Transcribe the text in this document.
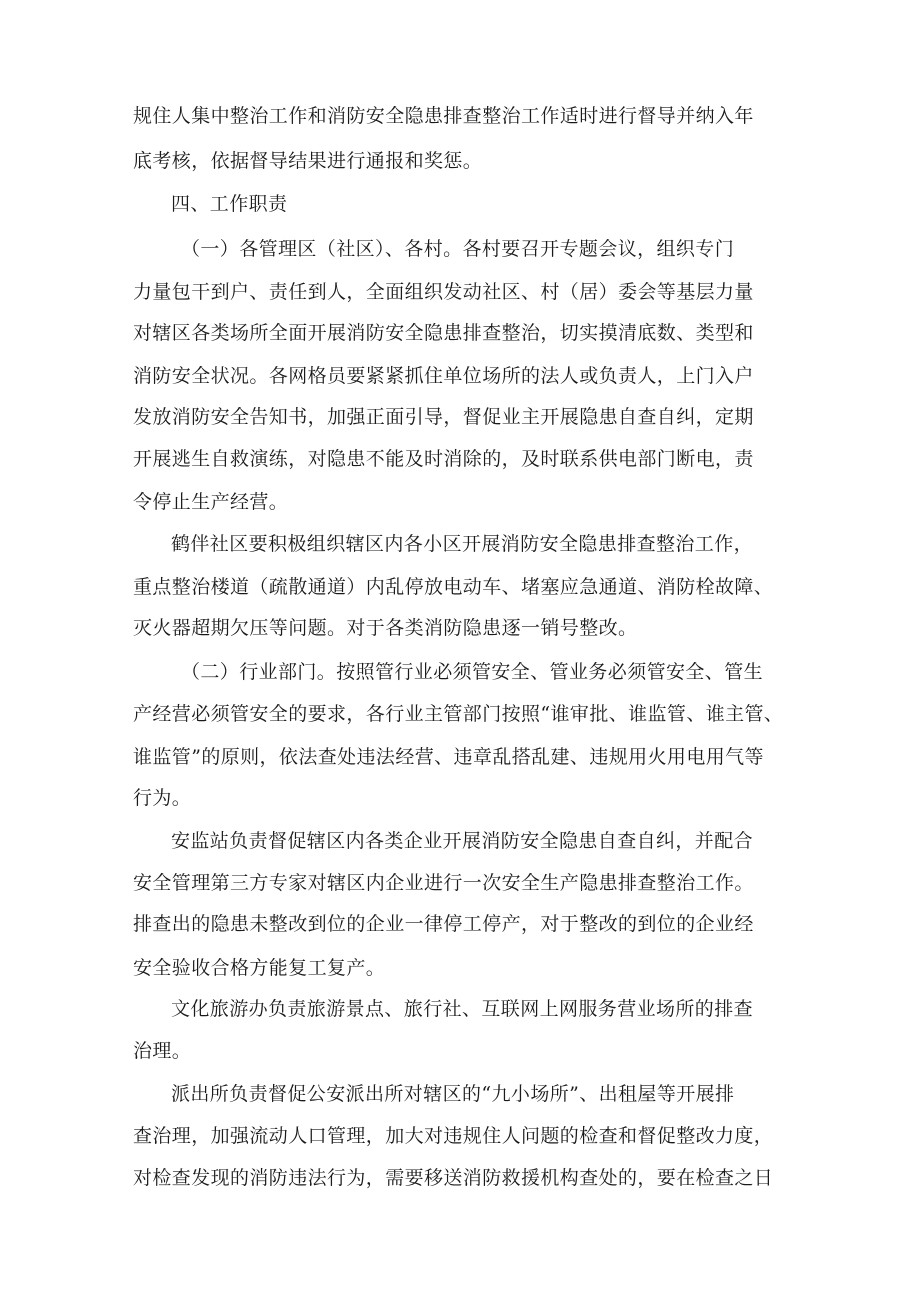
规住人集中整治工作和消防安全隐患排查整治工作适时进行督导并纳入年
底考核，依据督导结果进行通报和奖惩。
四、工作职责
（一）各管理区（社区）、各村。各村要召开专题会议，组织专门
力量包干到户、责任到人，全面组织发动社区、村（居）委会等基层力量
对辖区各类场所全面开展消防安全隐患排查整治，切实摸清底数、类型和
消防安全状况。各网格员要紧紧抓住单位场所的法人或负责人，上门入户
发放消防安全告知书，加强正面引导，督促业主开展隐患自查自纠，定期
开展逃生自救演练，对隐患不能及时消除的，及时联系供电部门断电，责
令停止生产经营。
鹤伴社区要积极组织辖区内各小区开展消防安全隐患排查整治工作，
重点整治楼道（疏散通道）内乱停放电动车、堵塞应急通道、消防栓故障、
灭火器超期欠压等问题。对于各类消防隐患逐一销号整改。
（二）行业部门。按照管行业必须管安全、管业务必须管安全、管生
产经营必须管安全的要求，各行业主管部门按照“谁审批、谁监管、谁主管、
谁监管”的原则，依法查处违法经营、违章乱搭乱建、违规用火用电用气等
行为。
安监站负责督促辖区内各类企业开展消防安全隐患自查自纠，并配合
安全管理第三方专家对辖区内企业进行一次安全生产隐患排查整治工作。
排查出的隐患未整改到位的企业一律停工停产，对于整改的到位的企业经
安全验收合格方能复工复产。
文化旅游办负责旅游景点、旅行社、互联网上网服务营业场所的排查
治理。
派出所负责督促公安派出所对辖区的“九小场所”、出租屋等开展排
查治理，加强流动人口管理，加大对违规住人问题的检查和督促整改力度，
对检查发现的消防违法行为，需要移送消防救援机构查处的，要在检查之日
